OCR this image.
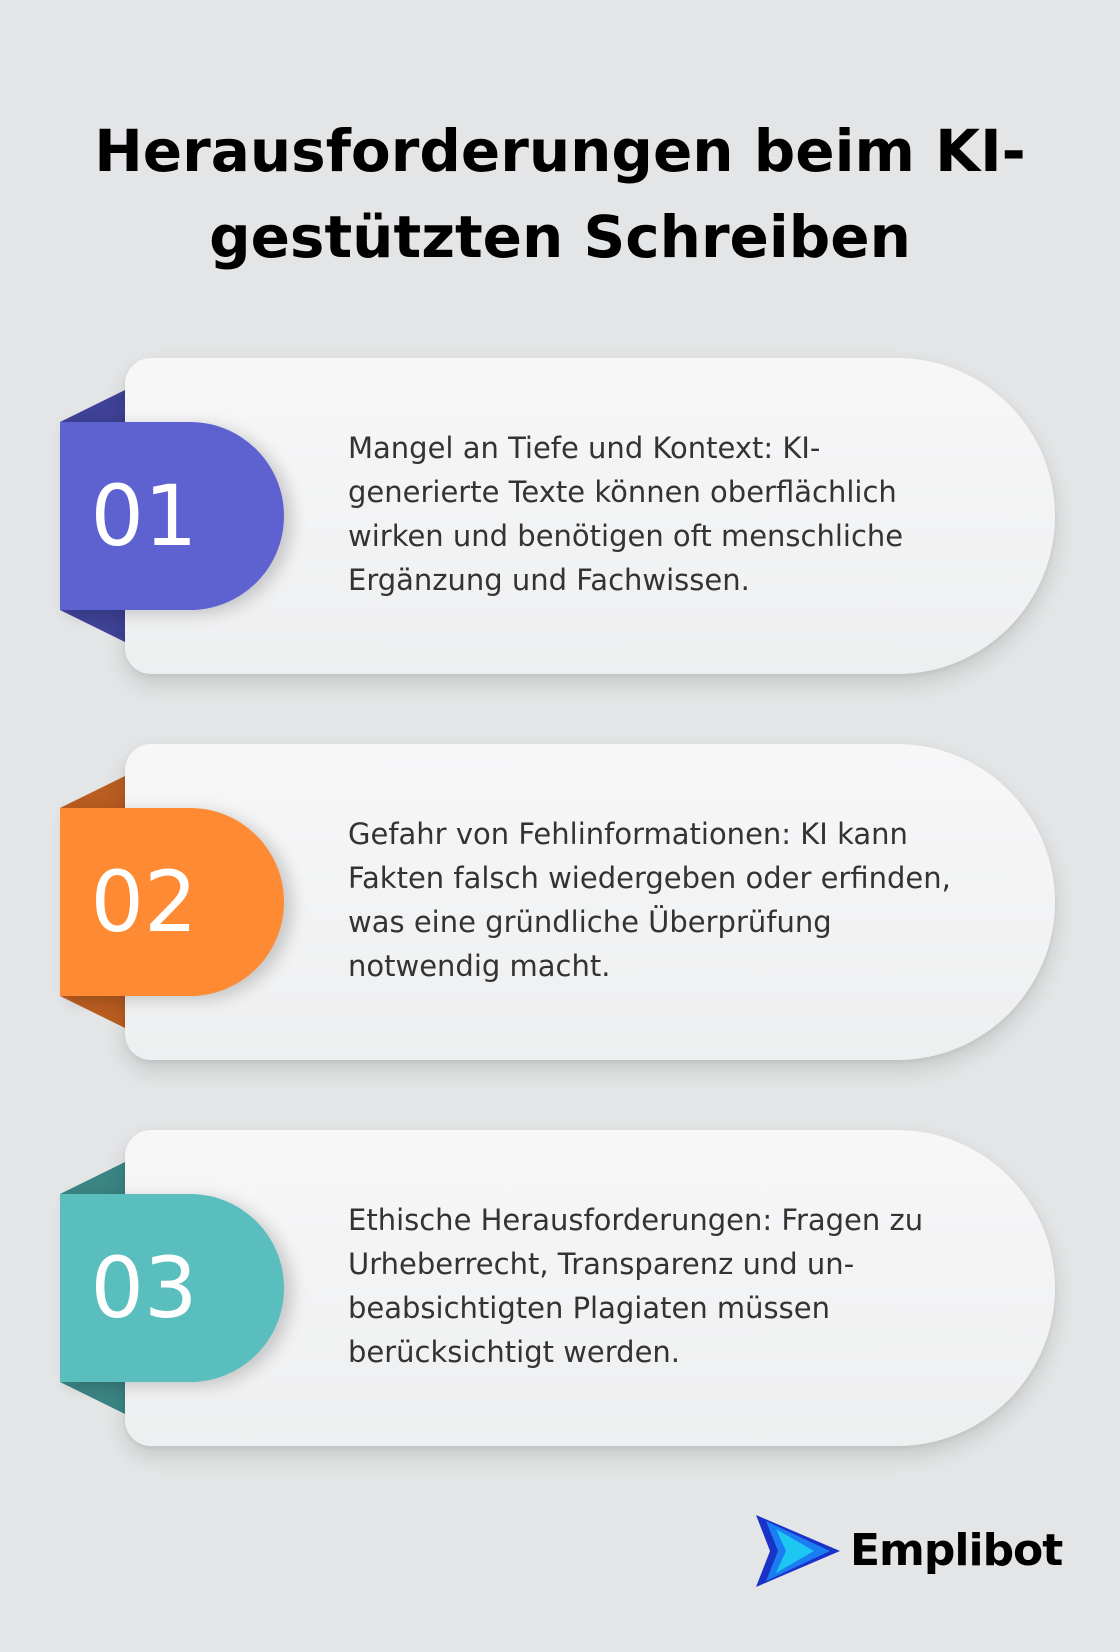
Herausforderungen beim KI-gestützten Schreiben
01

Mangel an Tiefe und Kontext: KI-generierte Texte können oberflächlich wirken und benötigen oft menschliche Ergänzung und Fachwissen.

02

Gefahr von Fehlinformationen: KI kann Fakten falsch wiedergeben oder erfinden, was eine gründliche Überprüfung notwendig macht.

03

Ethische Herausforderungen: Fragen zu Urheberrecht, Transparenz und un-beabsichtigten Plagiaten müssen berücksichtigt werden.

Emplibot
